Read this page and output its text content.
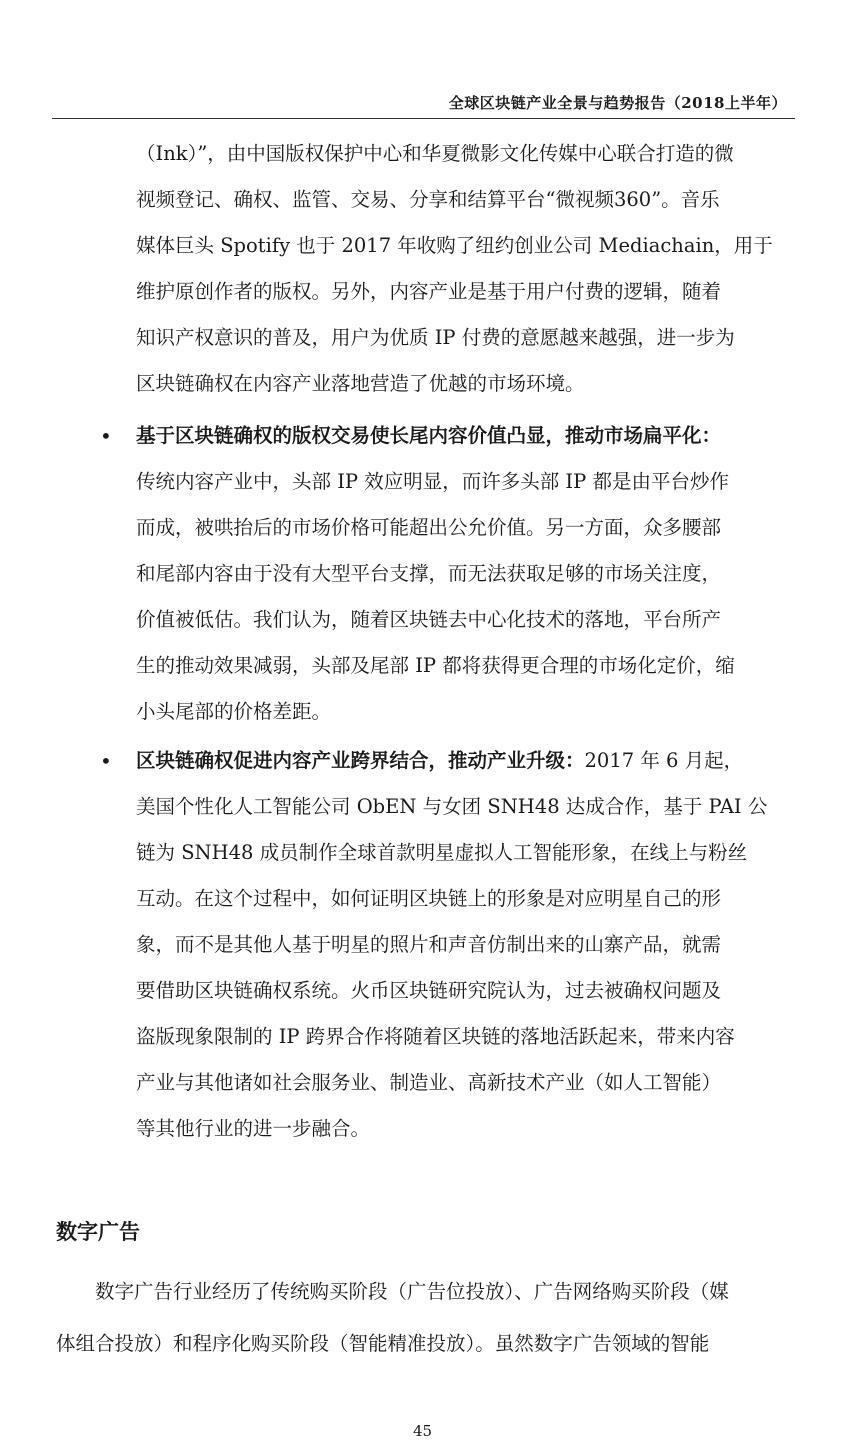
全球区块链产业全景与趋势报告（2018上半年）
（Ink）”，由中国版权保护中心和华夏微影文化传媒中心联合打造的微
视频登记、确权、监管、交易、分享和结算平台“微视频360”。音乐
媒体巨头 Spotify 也于 2017 年收购了纽约创业公司 Mediachain，用于
维护原创作者的版权。另外，内容产业是基于用户付费的逻辑，随着
知识产权意识的普及，用户为优质 IP 付费的意愿越来越强，进一步为
区块链确权在内容产业落地营造了优越的市场环境。
• 基于区块链确权的版权交易使长尾内容价值凸显，推动市场扁平化：
传统内容产业中，头部 IP 效应明显，而许多头部 IP 都是由平台炒作
而成，被哄抬后的市场价格可能超出公允价值。另一方面，众多腰部
和尾部内容由于没有大型平台支撑，而无法获取足够的市场关注度，
价值被低估。我们认为，随着区块链去中心化技术的落地，平台所产
生的推动效果减弱，头部及尾部 IP 都将获得更合理的市场化定价，缩
小头尾部的价格差距。
• 区块链确权促进内容产业跨界结合，推动产业升级：2017 年 6 月起，
美国个性化人工智能公司 ObEN 与女团 SNH48 达成合作，基于 PAI 公
链为 SNH48 成员制作全球首款明星虚拟人工智能形象，在线上与粉丝
互动。在这个过程中，如何证明区块链上的形象是对应明星自己的形
象，而不是其他人基于明星的照片和声音仿制出来的山寨产品，就需
要借助区块链确权系统。火币区块链研究院认为，过去被确权问题及
盗版现象限制的 IP 跨界合作将随着区块链的落地活跃起来，带来内容
产业与其他诸如社会服务业、制造业、高新技术产业（如人工智能）
等其他行业的进一步融合。
数字广告
　　数字广告行业经历了传统购买阶段（广告位投放）、广告网络购买阶段（媒
体组合投放）和程序化购买阶段（智能精准投放）。虽然数字广告领域的智能
45
